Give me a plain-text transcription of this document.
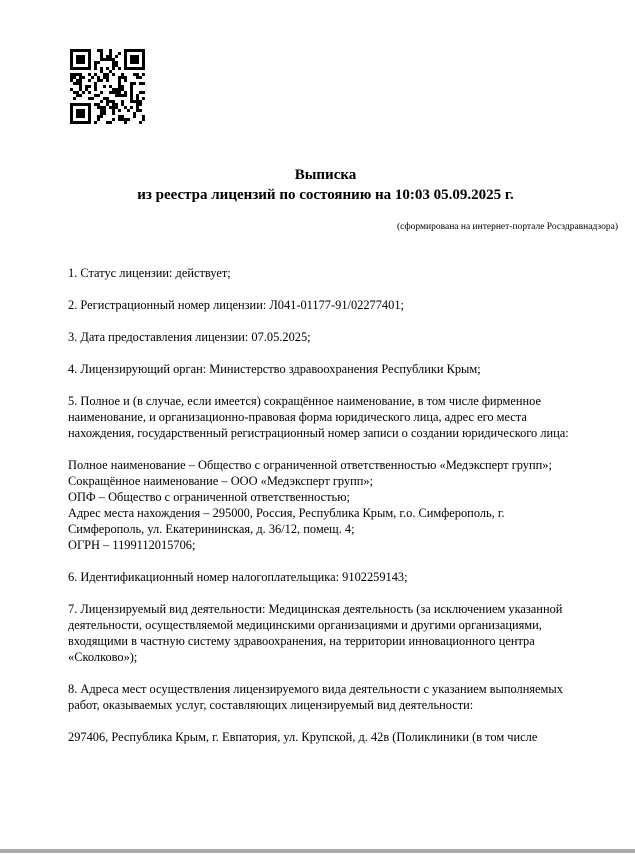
Выписка
из реестра лицензий по состоянию на 10:03 05.09.2025 г.
(сформирована на интернет-портале Росздравнадзора)
1. Статус лицензии: действует;
2. Регистрационный номер лицензии: Л041-01177-91/02277401;
3. Дата предоставления лицензии: 07.05.2025;
4. Лицензирующий орган: Министерство здравоохранения Республики Крым;
5. Полное и (в случае, если имеется) сокращённое наименование, в том числе фирменное наименование, и организационно-правовая форма юридического лица, адрес его места нахождения, государственный регистрационный номер записи о создании юридического лица:
Полное наименование – Общество с ограниченной ответственностью «Медэксперт групп»;
Сокращённое наименование – ООО «Медэксперт групп»;
ОПФ – Общество с ограниченной ответственностью;
Адрес места нахождения – 295000, Россия, Республика Крым, г.о. Симферополь, г. Симферополь, ул. Екатерининская, д. 36/12, помещ. 4;
ОГРН – 1199112015706;
6. Идентификационный номер налогоплательщика: 9102259143;
7. Лицензируемый вид деятельности: Медицинская деятельность (за исключением указанной деятельности, осуществляемой медицинскими организациями и другими организациями, входящими в частную систему здравоохранения, на территории инновационного центра «Сколково»);
8. Адреса мест осуществления лицензируемого вида деятельности с указанием выполняемых работ, оказываемых услуг, составляющих лицензируемый вид деятельности:
297406, Республика Крым, г. Евпатория, ул. Крупской, д. 42в (Поликлиники (в том числе
